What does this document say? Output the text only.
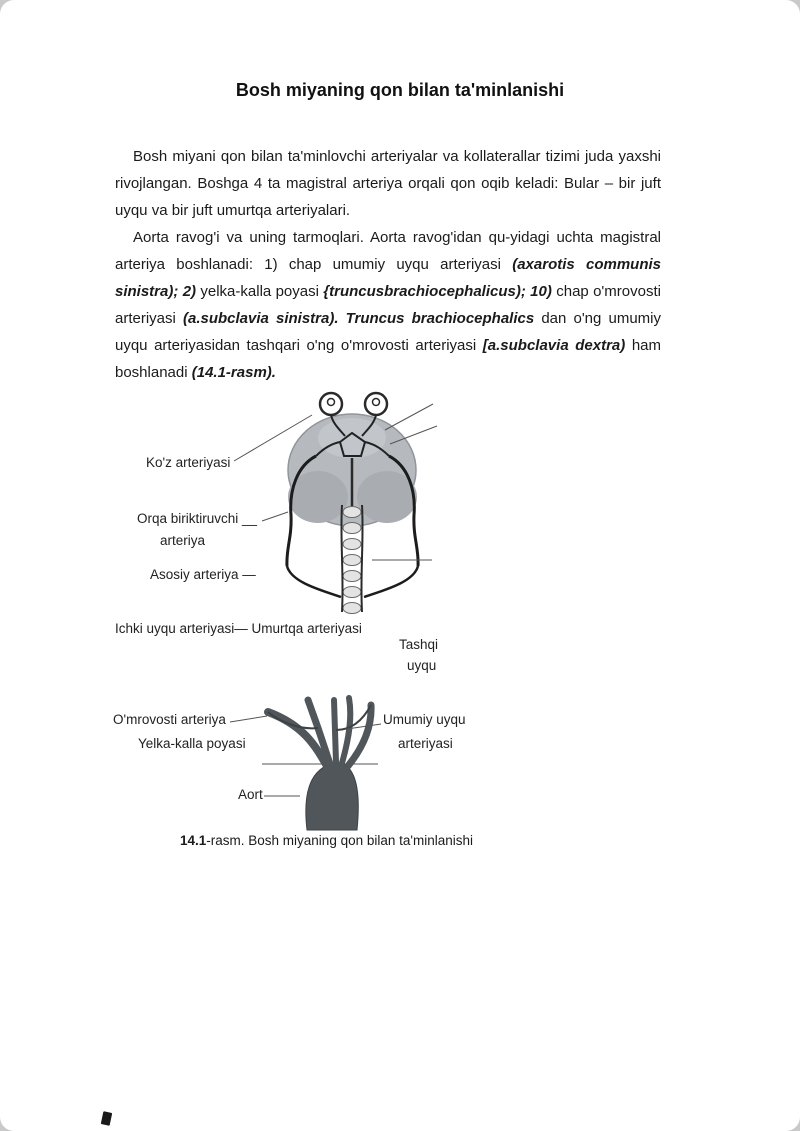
Bosh miyaning qon bilan ta'minlanishi

Bosh miyani qon bilan ta'minlovchi arteriyalar va kollaterallar tizimi juda yaxshi rivojlangan. Boshga 4 ta magistral arteriya orqali qon oqib keladi: Bular – bir juft uyqu va bir juft umurtqa arteriyalari.

Aorta ravog'i va uning tarmoqlari. Aorta ravog'idan qu-yidagi uchta magistral arteriya boshlanadi: 1) chap umumiy uyqu arteriyasi (axarotis communis sinistra); 2) yelka-kalla poyasi {truncusbrachiocephalicus); 10) chap o'mrovosti arteriyasi (a.subclavia sinistra). Truncus brachiocephalics dan o'ng umumiy uyqu arteriyasidan tashqari o'ng o'mrovosti arteriyasi [a.subclavia dextra) ham boshlanadi (14.1-rasm).

Ko'z arteriyasi
Orqa biriktiruvchi __
arteriya
Asosiy arteriya —
Ichki uyqu arteriyasi— Umurtqa arteriyasi
Tashqi
uyqu
O'mrovosti arteriya
Yelka-kalla poyasi
Umumiy uyqu
arteriyasi
Aort
14.1-rasm. Bosh miyaning qon bilan ta'minlanishi
